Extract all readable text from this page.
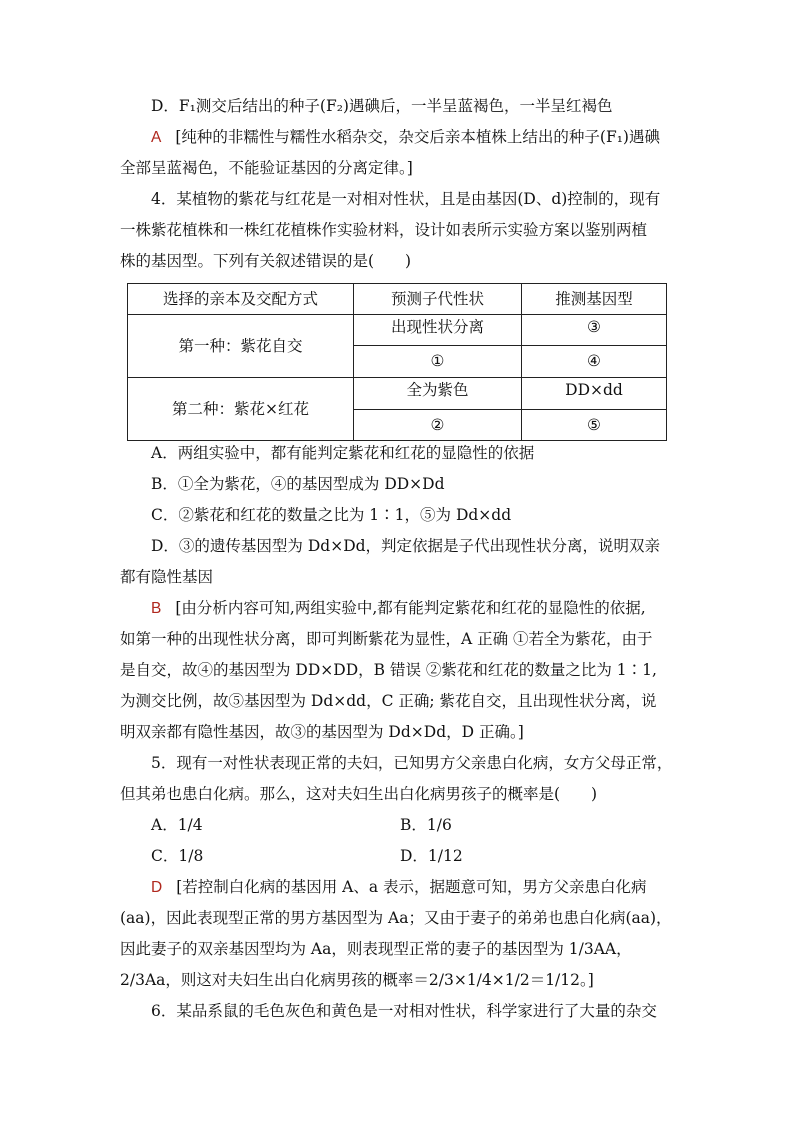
D．F₁测交后结出的种子(F₂)遇碘后，一半呈蓝褐色，一半呈红褐色
A [纯种的非糯性与糯性水稻杂交，杂交后亲本植株上结出的种子(F₁)遇碘
全部呈蓝褐色，不能验证基因的分离定律。]
4．某植物的紫花与红花是一对相对性状，且是由基因(D、d)控制的，现有
一株紫花植株和一株红花植株作实验材料，设计如表所示实验方案以鉴别两植
株的基因型。下列有关叙述错误的是(　　)
选择的亲本及交配方式	预测子代性状	推测基因型
第一种：紫花自交
出现性状分离	③
①	④
第二种：紫花×红花
全为紫色	DD×dd
②	⑤
A．两组实验中，都有能判定紫花和红花的显隐性的依据
B．①全为紫花，④的基因型成为 DD×Dd
C．②紫花和红花的数量之比为 1∶1，⑤为 Dd×dd
D．③的遗传基因型为 Dd×Dd，判定依据是子代出现性状分离，说明双亲
都有隐性基因
B [由分析内容可知,两组实验中,都有能判定紫花和红花的显隐性的依据,
如第一种的出现性状分离，即可判断紫花为显性，A 正确 ①若全为紫花，由于
是自交，故④的基因型为 DD×DD，B 错误 ②紫花和红花的数量之比为 1∶1,
为测交比例，故⑤基因型为 Dd×dd，C 正确; 紫花自交，且出现性状分离，说
明双亲都有隐性基因，故③的基因型为 Dd×Dd，D 正确。]
5．现有一对性状表现正常的夫妇，已知男方父亲患白化病，女方父母正常，
但其弟也患白化病。那么，这对夫妇生出白化病男孩子的概率是(　　)
A．1/4	B．1/6
C．1/8	D．1/12
D [若控制白化病的基因用 A、a 表示，据题意可知，男方父亲患白化病
(aa)，因此表现型正常的男方基因型为 Aa；又由于妻子的弟弟也患白化病(aa)，
因此妻子的双亲基因型均为 Aa，则表现型正常的妻子的基因型为 1/3AA，
2/3Aa，则这对夫妇生出白化病男孩的概率＝2/3×1/4×1/2＝1/12。]
6．某品系鼠的毛色灰色和黄色是一对相对性状，科学家进行了大量的杂交
